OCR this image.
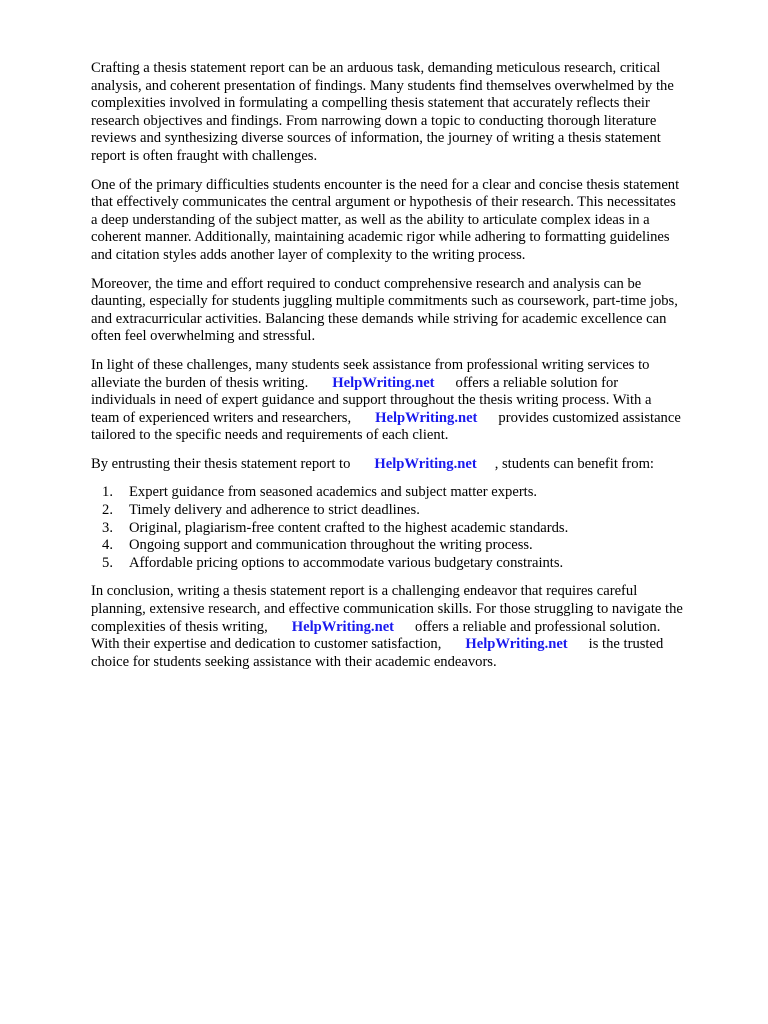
Crafting a thesis statement report can be an arduous task, demanding meticulous research, critical
analysis, and coherent presentation of findings. Many students find themselves overwhelmed by the
complexities involved in formulating a compelling thesis statement that accurately reflects their
research objectives and findings. From narrowing down a topic to conducting thorough literature
reviews and synthesizing diverse sources of information, the journey of writing a thesis statement
report is often fraught with challenges.
One of the primary difficulties students encounter is the need for a clear and concise thesis statement
that effectively communicates the central argument or hypothesis of their research. This necessitates
a deep understanding of the subject matter, as well as the ability to articulate complex ideas in a
coherent manner. Additionally, maintaining academic rigor while adhering to formatting guidelines
and citation styles adds another layer of complexity to the writing process.
Moreover, the time and effort required to conduct comprehensive research and analysis can be
daunting, especially for students juggling multiple commitments such as coursework, part-time jobs,
and extracurricular activities. Balancing these demands while striving for academic excellence can
often feel overwhelming and stressful.
In light of these challenges, many students seek assistance from professional writing services to
alleviate the burden of thesis writing. HelpWriting.net offers a reliable solution for
individuals in need of expert guidance and support throughout the thesis writing process. With a
team of experienced writers and researchers, HelpWriting.net provides customized assistance
tailored to the specific needs and requirements of each client.
By entrusting their thesis statement report to HelpWriting.net , students can benefit from:
1.	Expert guidance from seasoned academics and subject matter experts.
2.	Timely delivery and adherence to strict deadlines.
3.	Original, plagiarism-free content crafted to the highest academic standards.
4.	Ongoing support and communication throughout the writing process.
5.	Affordable pricing options to accommodate various budgetary constraints.
In conclusion, writing a thesis statement report is a challenging endeavor that requires careful
planning, extensive research, and effective communication skills. For those struggling to navigate the
complexities of thesis writing, HelpWriting.net offers a reliable and professional solution.
With their expertise and dedication to customer satisfaction, HelpWriting.net is the trusted
choice for students seeking assistance with their academic endeavors.
